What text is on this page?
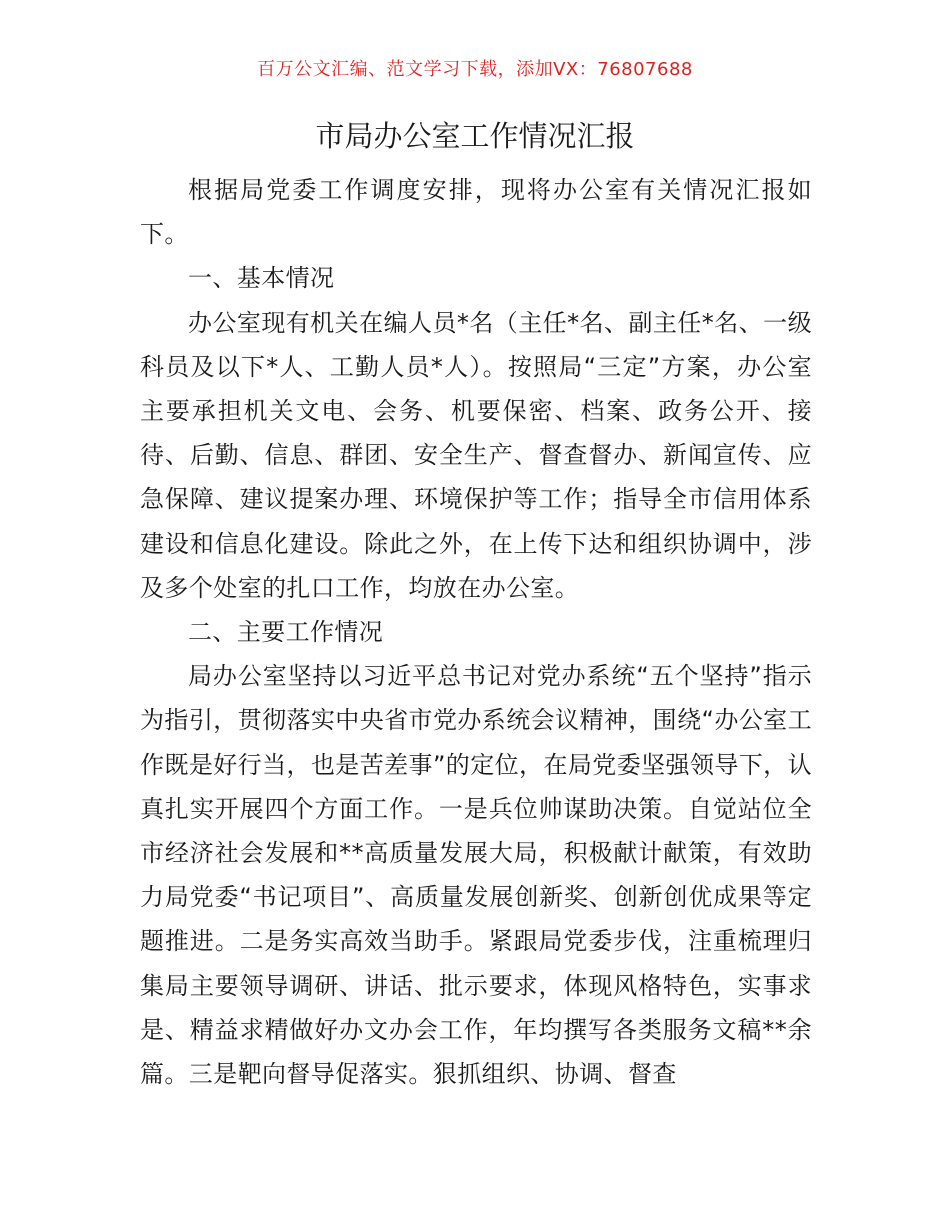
百万公文汇编、范文学习下载，添加VX：76807688
市局办公室工作情况汇报

根据局党委工作调度安排，现将办公室有关情况汇报如下。

一、基本情况

办公室现有机关在编人员*名（主任*名、副主任*名、一级科员及以下*人、工勤人员*人）。按照局“三定”方案，办公室主要承担机关文电、会务、机要保密、档案、政务公开、接待、后勤、信息、群团、安全生产、督查督办、新闻宣传、应急保障、建议提案办理、环境保护等工作；指导全市信用体系建设和信息化建设。除此之外，在上传下达和组织协调中，涉及多个处室的扎口工作，均放在办公室。

二、主要工作情况

局办公室坚持以习近平总书记对党办系统“五个坚持”指示为指引，贯彻落实中央省市党办系统会议精神，围绕“办公室工作既是好行当，也是苦差事”的定位，在局党委坚强领导下，认真扎实开展四个方面工作。一是兵位帅谋助决策。自觉站位全市经济社会发展和**高质量发展大局，积极献计献策，有效助力局党委“书记项目”、高质量发展创新奖、创新创优成果等定题推进。二是务实高效当助手。紧跟局党委步伐，注重梳理归集局主要领导调研、讲话、批示要求，体现风格特色，实事求是、精益求精做好办文办会工作，年均撰写各类服务文稿**余篇。三是靶向督导促落实。狠抓组织、协调、督查
